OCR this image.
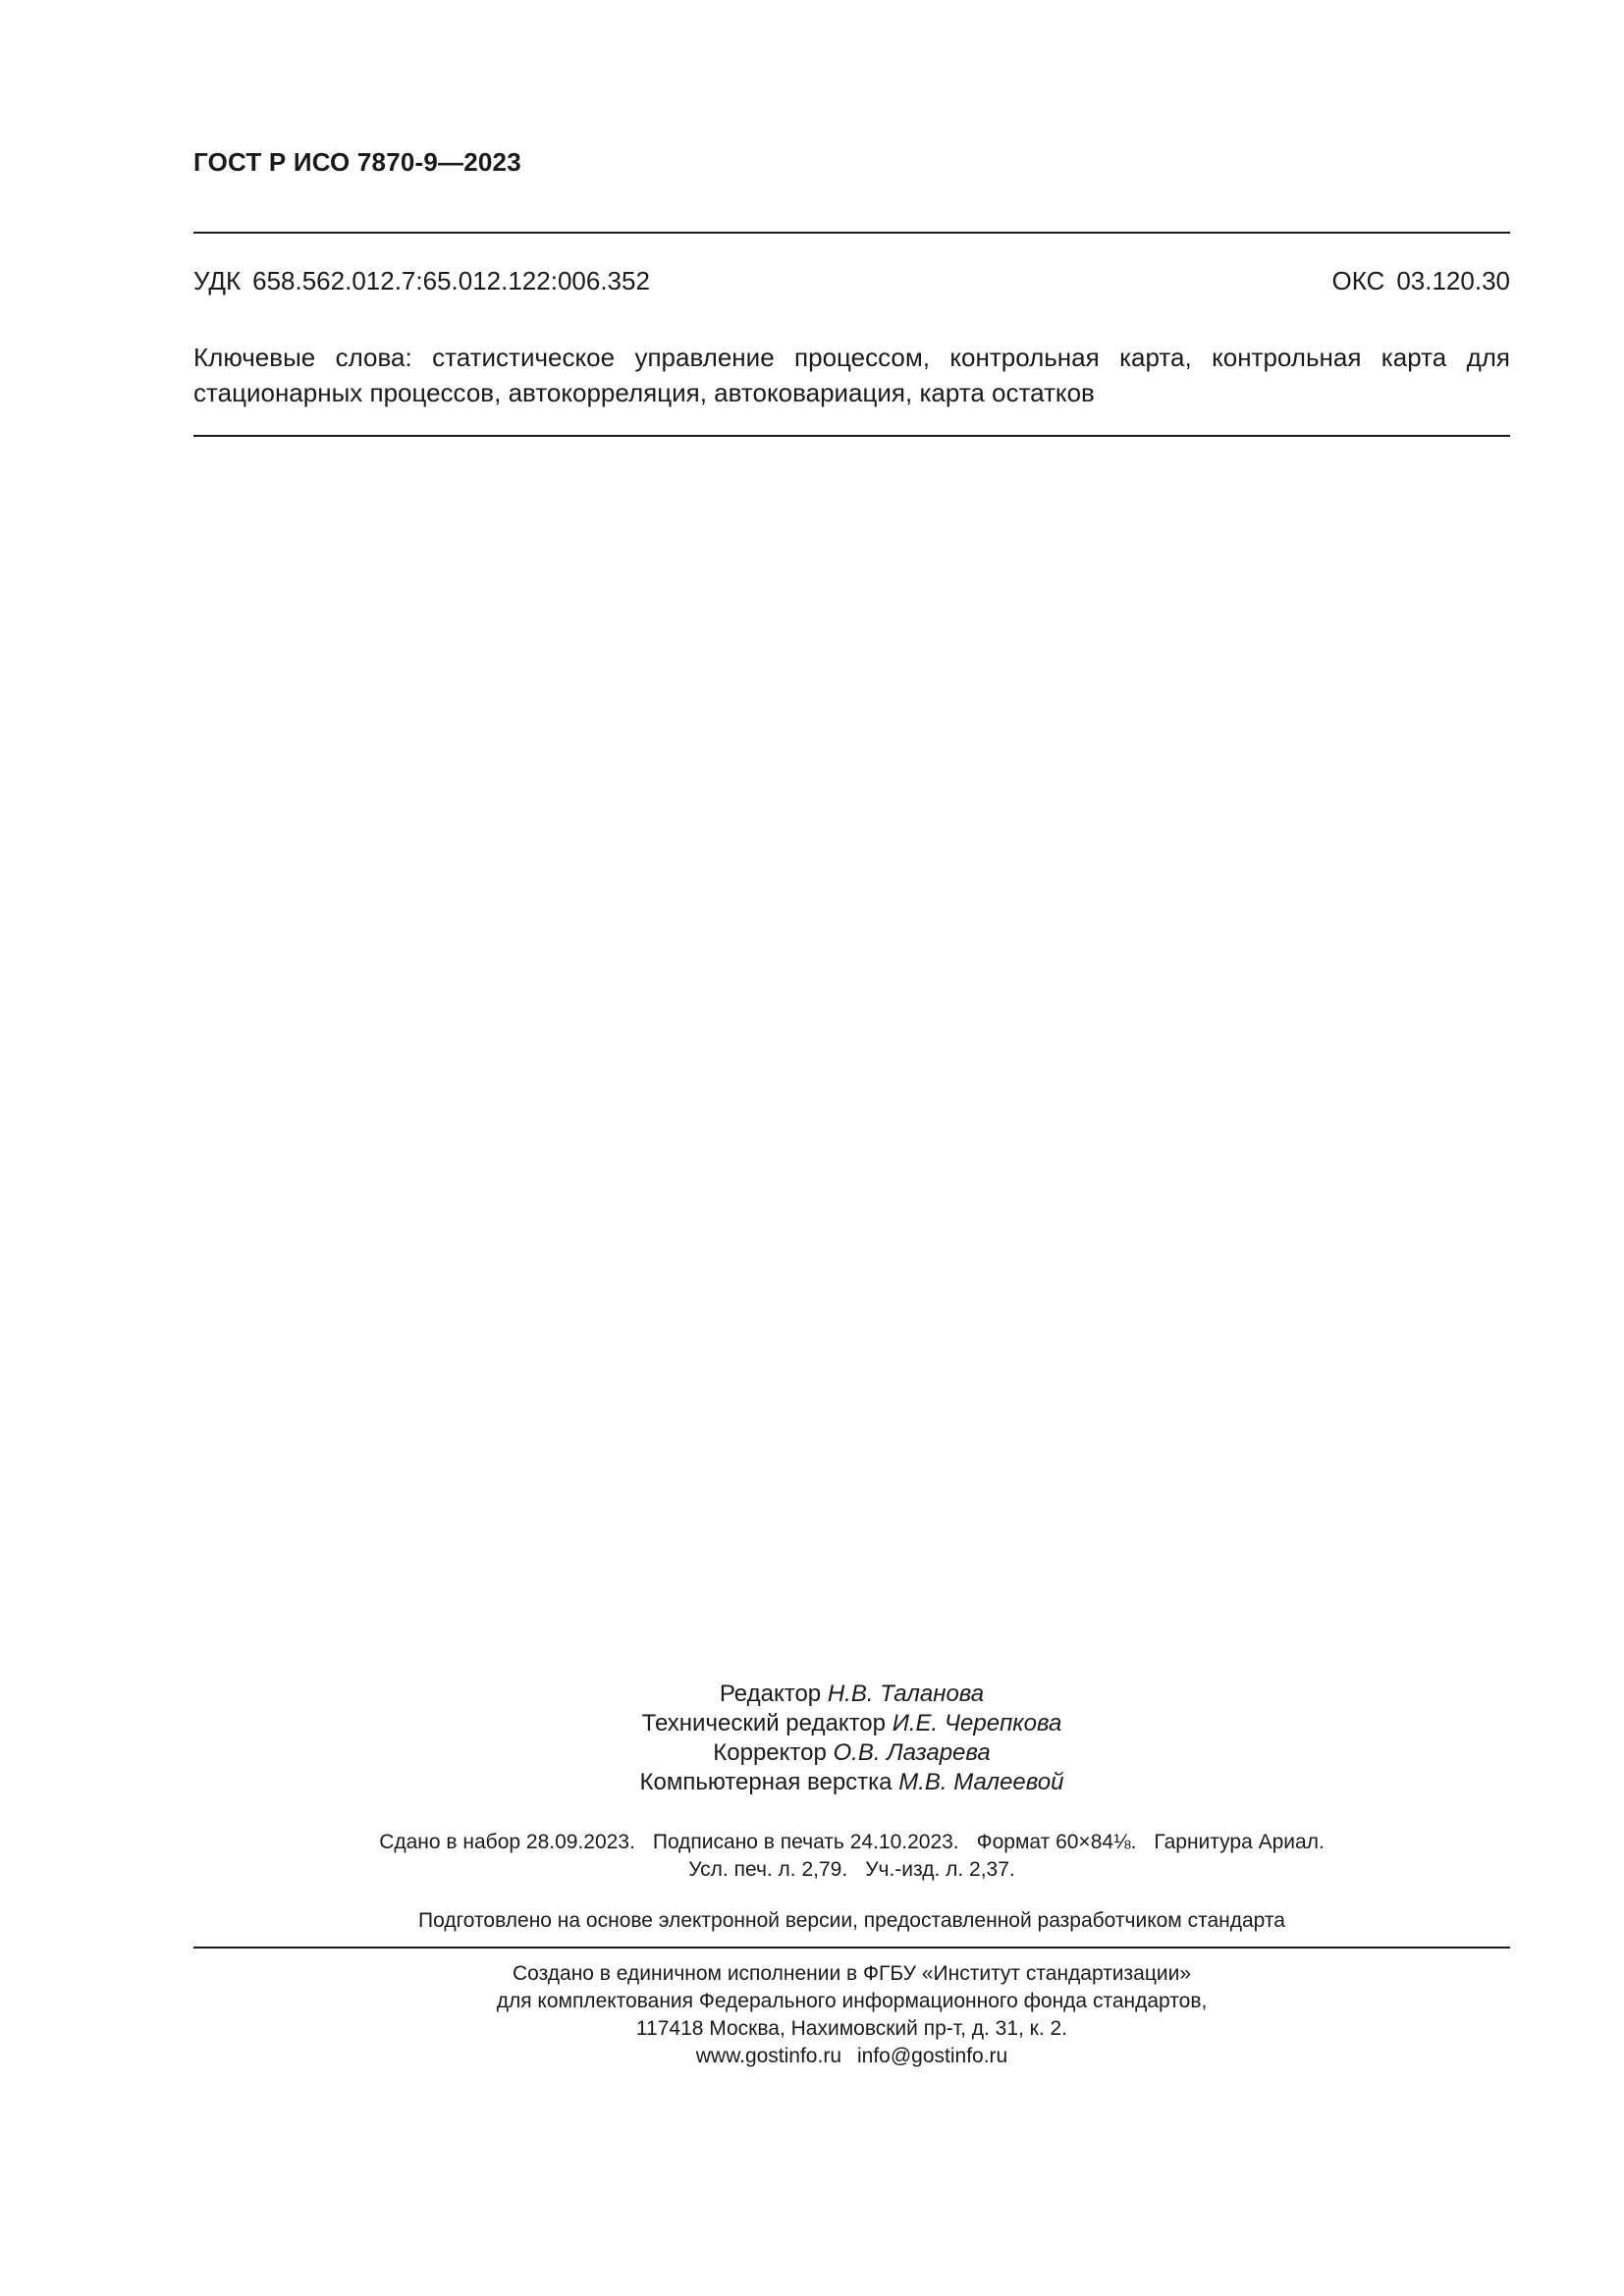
ГОСТ Р ИСО 7870-9—2023
УДК 658.562.012.7:65.012.122:006.352	ОКС 03.120.30
Ключевые слова: статистическое управление процессом, контрольная карта, контрольная карта для
стационарных процессов, автокорреляция, автоковариация, карта остатков
Редактор Н.В. Таланова
Технический редактор И.Е. Черепкова
Корректор О.В. Лазарева
Компьютерная верстка М.В. Малеевой
Сдано в набор 28.09.2023. Подписано в печать 24.10.2023. Формат 60×84⅛. Гарнитура Ариал.
Усл. печ. л. 2,79. Уч.-изд. л. 2,37.
Подготовлено на основе электронной версии, предоставленной разработчиком стандарта
Создано в единичном исполнении в ФГБУ «Институт стандартизации»
для комплектования Федерального информационного фонда стандартов,
117418 Москва, Нахимовский пр-т, д. 31, к. 2.
www.gostinfo.ru info@gostinfo.ru
